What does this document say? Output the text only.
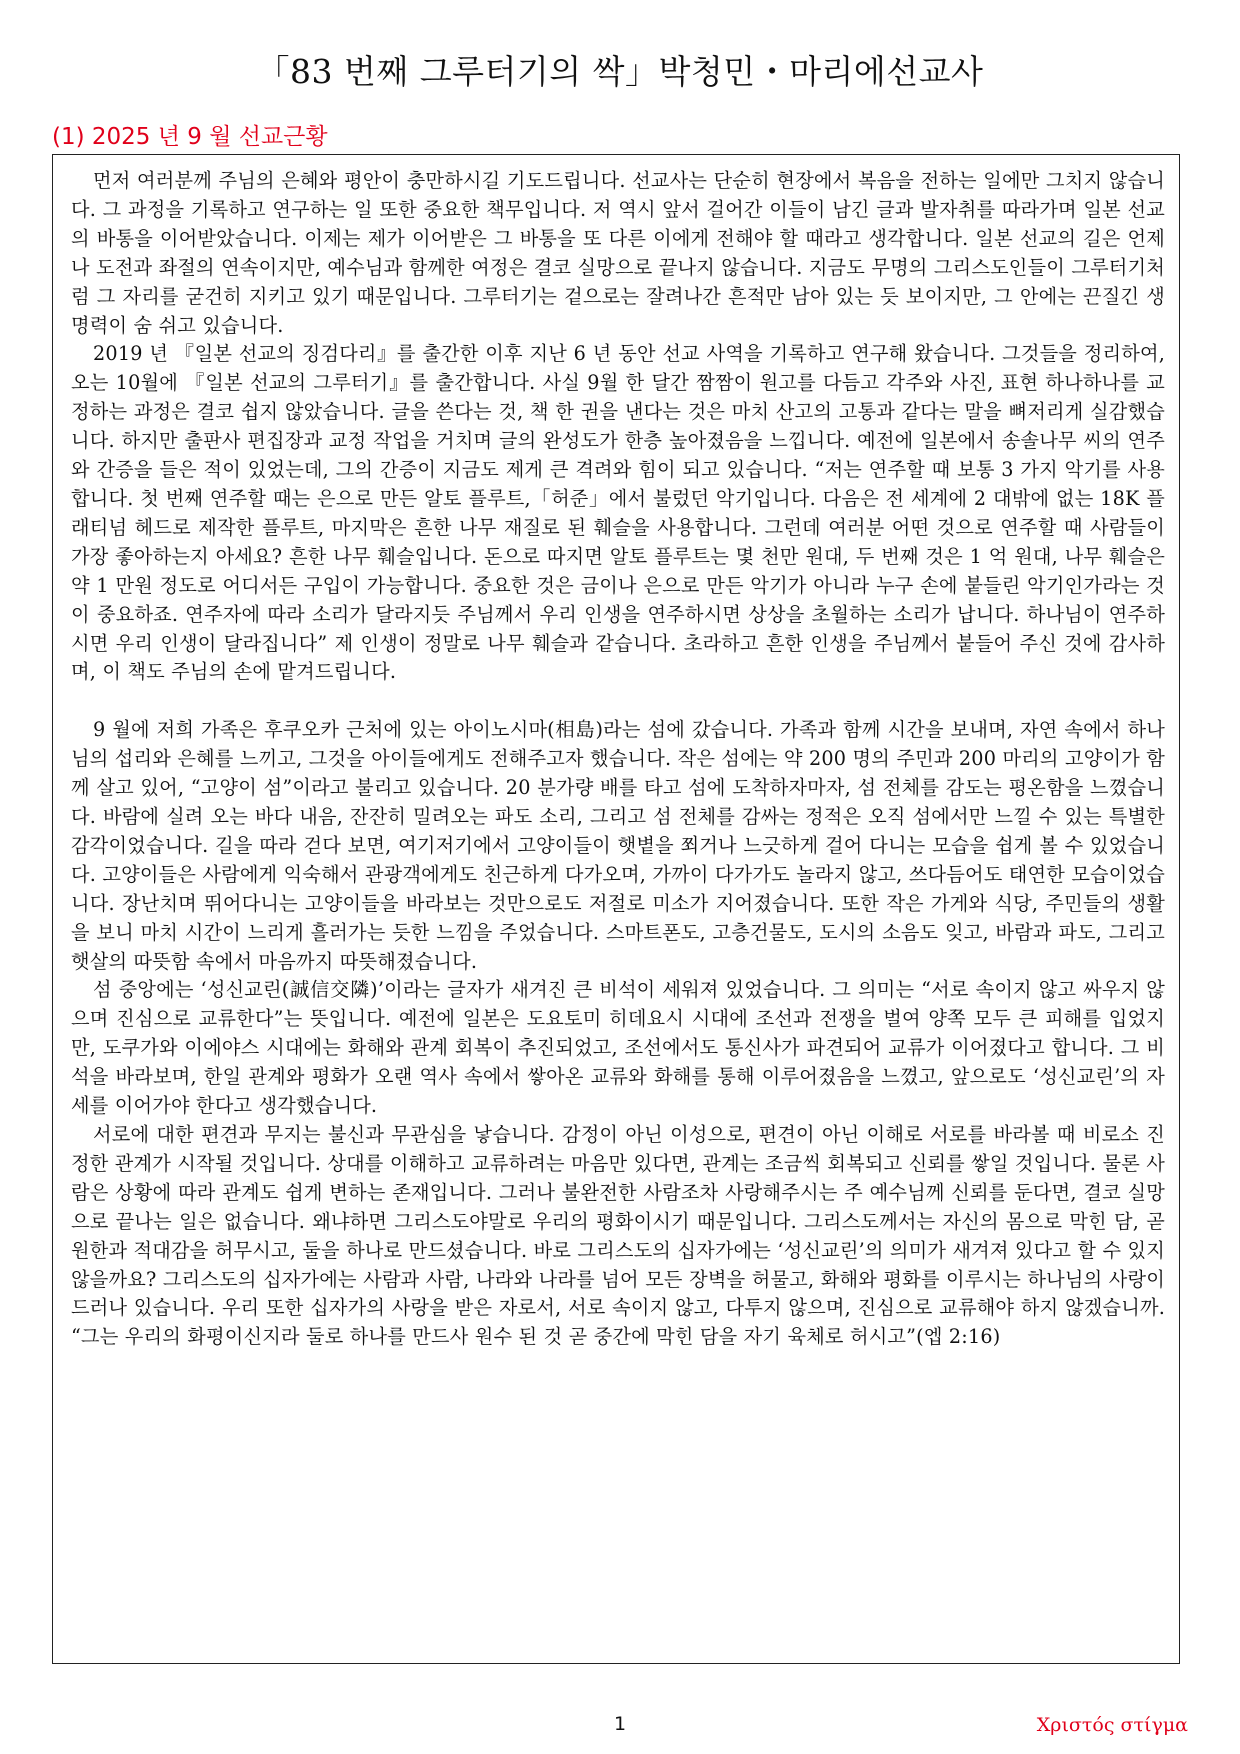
「83 번째 그루터기의 싹」박청민・마리에선교사
(1) 2025 년 9 월 선교근황

먼저 여러분께 주님의 은혜와 평안이 충만하시길 기도드립니다. 선교사는 단순히 현장에서 복음을 전하는 일에만 그치지 않습니다. 그 과정을 기록하고 연구하는 일 또한 중요한 책무입니다. 저 역시 앞서 걸어간 이들이 남긴 글과 발자취를 따라가며 일본 선교의 바통을 이어받았습니다. 이제는 제가 이어받은 그 바통을 또 다른 이에게 전해야 할 때라고 생각합니다. 일본 선교의 길은 언제나 도전과 좌절의 연속이지만, 예수님과 함께한 여정은 결코 실망으로 끝나지 않습니다. 지금도 무명의 그리스도인들이 그루터기처럼 그 자리를 굳건히 지키고 있기 때문입니다. 그루터기는 겉으로는 잘려나간 흔적만 남아 있는 듯 보이지만, 그 안에는 끈질긴 생명력이 숨 쉬고 있습니다.

2019 년 『일본 선교의 징검다리』를 출간한 이후 지난 6 년 동안 선교 사역을 기록하고 연구해 왔습니다. 그것들을 정리하여, 오는 10월에 『일본 선교의 그루터기』를 출간합니다. 사실 9월 한 달간 짬짬이 원고를 다듬고 각주와 사진, 표현 하나하나를 교정하는 과정은 결코 쉽지 않았습니다. 글을 쓴다는 것, 책 한 권을 낸다는 것은 마치 산고의 고통과 같다는 말을 뼈저리게 실감했습니다. 하지만 출판사 편집장과 교정 작업을 거치며 글의 완성도가 한층 높아졌음을 느낍니다. 예전에 일본에서 송솔나무 씨의 연주와 간증을 들은 적이 있었는데, 그의 간증이 지금도 제게 큰 격려와 힘이 되고 있습니다. “저는 연주할 때 보통 3 가지 악기를 사용합니다. 첫 번째 연주할 때는 은으로 만든 알토 플루트,「허준」에서 불렀던 악기입니다. 다음은 전 세계에 2 대밖에 없는 18K 플래티넘 헤드로 제작한 플루트, 마지막은 흔한 나무 재질로 된 훼슬을 사용합니다. 그런데 여러분 어떤 것으로 연주할 때 사람들이 가장 좋아하는지 아세요? 흔한 나무 훼슬입니다. 돈으로 따지면 알토 플루트는 몇 천만 원대, 두 번째 것은 1 억 원대, 나무 훼슬은 약 1 만원 정도로 어디서든 구입이 가능합니다. 중요한 것은 금이나 은으로 만든 악기가 아니라 누구 손에 붙들린 악기인가라는 것이 중요하죠. 연주자에 따라 소리가 달라지듯 주님께서 우리 인생을 연주하시면 상상을 초월하는 소리가 납니다. 하나님이 연주하시면 우리 인생이 달라집니다” 제 인생이 정말로 나무 훼슬과 같습니다. 초라하고 흔한 인생을 주님께서 붙들어 주신 것에 감사하며, 이 책도 주님의 손에 맡겨드립니다.

9 월에 저희 가족은 후쿠오카 근처에 있는 아이노시마(相島)라는 섬에 갔습니다. 가족과 함께 시간을 보내며, 자연 속에서 하나님의 섭리와 은혜를 느끼고, 그것을 아이들에게도 전해주고자 했습니다. 작은 섬에는 약 200 명의 주민과 200 마리의 고양이가 함께 살고 있어, “고양이 섬”이라고 불리고 있습니다. 20 분가량 배를 타고 섬에 도착하자마자, 섬 전체를 감도는 평온함을 느꼈습니다. 바람에 실려 오는 바다 내음, 잔잔히 밀려오는 파도 소리, 그리고 섬 전체를 감싸는 정적은 오직 섬에서만 느낄 수 있는 특별한 감각이었습니다. 길을 따라 걷다 보면, 여기저기에서 고양이들이 햇볕을 쬐거나 느긋하게 걸어 다니는 모습을 쉽게 볼 수 있었습니다. 고양이들은 사람에게 익숙해서 관광객에게도 친근하게 다가오며, 가까이 다가가도 놀라지 않고, 쓰다듬어도 태연한 모습이었습니다. 장난치며 뛰어다니는 고양이들을 바라보는 것만으로도 저절로 미소가 지어졌습니다. 또한 작은 가게와 식당, 주민들의 생활을 보니 마치 시간이 느리게 흘러가는 듯한 느낌을 주었습니다. 스마트폰도, 고층건물도, 도시의 소음도 잊고, 바람과 파도, 그리고 햇살의 따뜻함 속에서 마음까지 따뜻해졌습니다.

섬 중앙에는 ‘성신교린(誠信交隣)’이라는 글자가 새겨진 큰 비석이 세워져 있었습니다. 그 의미는 “서로 속이지 않고 싸우지 않으며 진심으로 교류한다”는 뜻입니다. 예전에 일본은 도요토미 히데요시 시대에 조선과 전쟁을 벌여 양쪽 모두 큰 피해를 입었지만, 도쿠가와 이에야스 시대에는 화해와 관계 회복이 추진되었고, 조선에서도 통신사가 파견되어 교류가 이어졌다고 합니다. 그 비석을 바라보며, 한일 관계와 평화가 오랜 역사 속에서 쌓아온 교류와 화해를 통해 이루어졌음을 느꼈고, 앞으로도 ‘성신교린’의 자세를 이어가야 한다고 생각했습니다.

서로에 대한 편견과 무지는 불신과 무관심을 낳습니다. 감정이 아닌 이성으로, 편견이 아닌 이해로 서로를 바라볼 때 비로소 진정한 관계가 시작될 것입니다. 상대를 이해하고 교류하려는 마음만 있다면, 관계는 조금씩 회복되고 신뢰를 쌓일 것입니다. 물론 사람은 상황에 따라 관계도 쉽게 변하는 존재입니다. 그러나 불완전한 사람조차 사랑해주시는 주 예수님께 신뢰를 둔다면, 결코 실망으로 끝나는 일은 없습니다. 왜냐하면 그리스도야말로 우리의 평화이시기 때문입니다. 그리스도께서는 자신의 몸으로 막힌 담, 곧 원한과 적대감을 허무시고, 둘을 하나로 만드셨습니다. 바로 그리스도의 십자가에는 ‘성신교린’의 의미가 새겨져 있다고 할 수 있지 않을까요? 그리스도의 십자가에는 사람과 사람, 나라와 나라를 넘어 모든 장벽을 허물고, 화해와 평화를 이루시는 하나님의 사랑이 드러나 있습니다. 우리 또한 십자가의 사랑을 받은 자로서, 서로 속이지 않고, 다투지 않으며, 진심으로 교류해야 하지 않겠습니까. “그는 우리의 화평이신지라 둘로 하나를 만드사 원수 된 것 곧 중간에 막힌 담을 자기 육체로 허시고”(엡 2:16)

1	Χριστός στίγμα
